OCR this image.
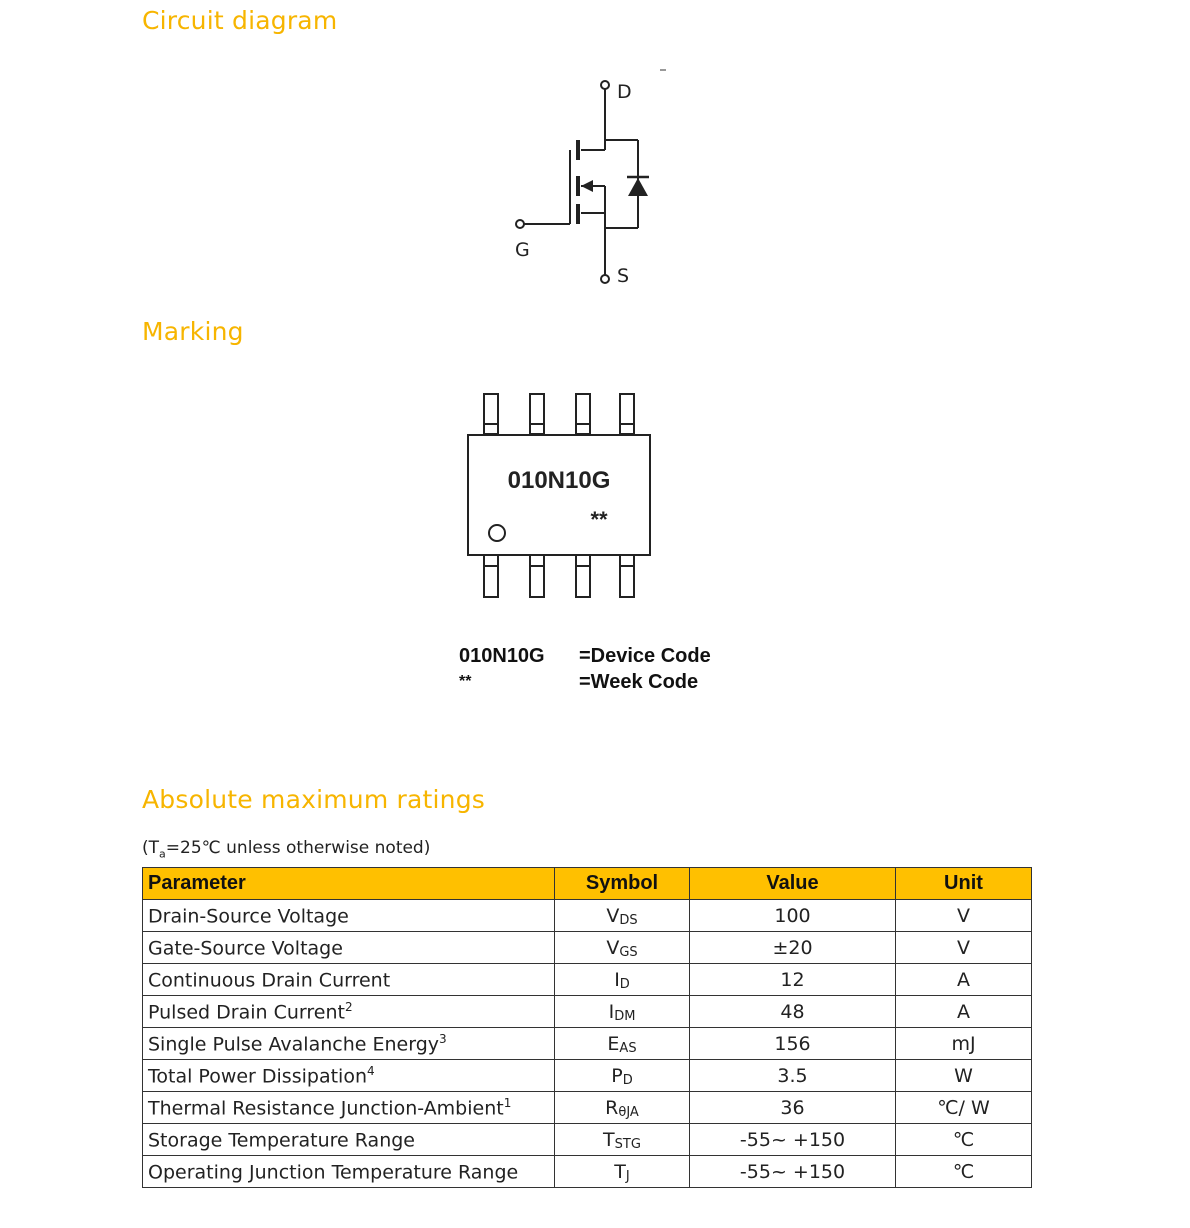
Circuit diagram
Marking
Absolute maximum ratings
D
G
S
010N10G
**
010N10G =Device Code
**	=Week Code
($T_a=25℃$ unless otherwise noted)
Parameter	Symbol	Value	Unit
Drain-Source Voltage	$V_{DS}$	100	V
Gate-Source Voltage	$V_{GS}$	±20	V
Continuous Drain Current	$I_D$	12	A
Pulsed Drain Current$^2$	$I_{DM}$	48	A
Single Pulse Avalanche Energy$^3$	$E_{AS}$	156	mJ
Total Power Dissipation$^4$	$P_D$	3.5	W
Thermal Resistance Junction-Ambient$^1$	$R_{\theta JA}$	36	℃/ W
Storage Temperature Range	$T_{STG}$	-55~ +150	℃
Operating Junction Temperature Range	$T_J$	-55~ +150	℃
